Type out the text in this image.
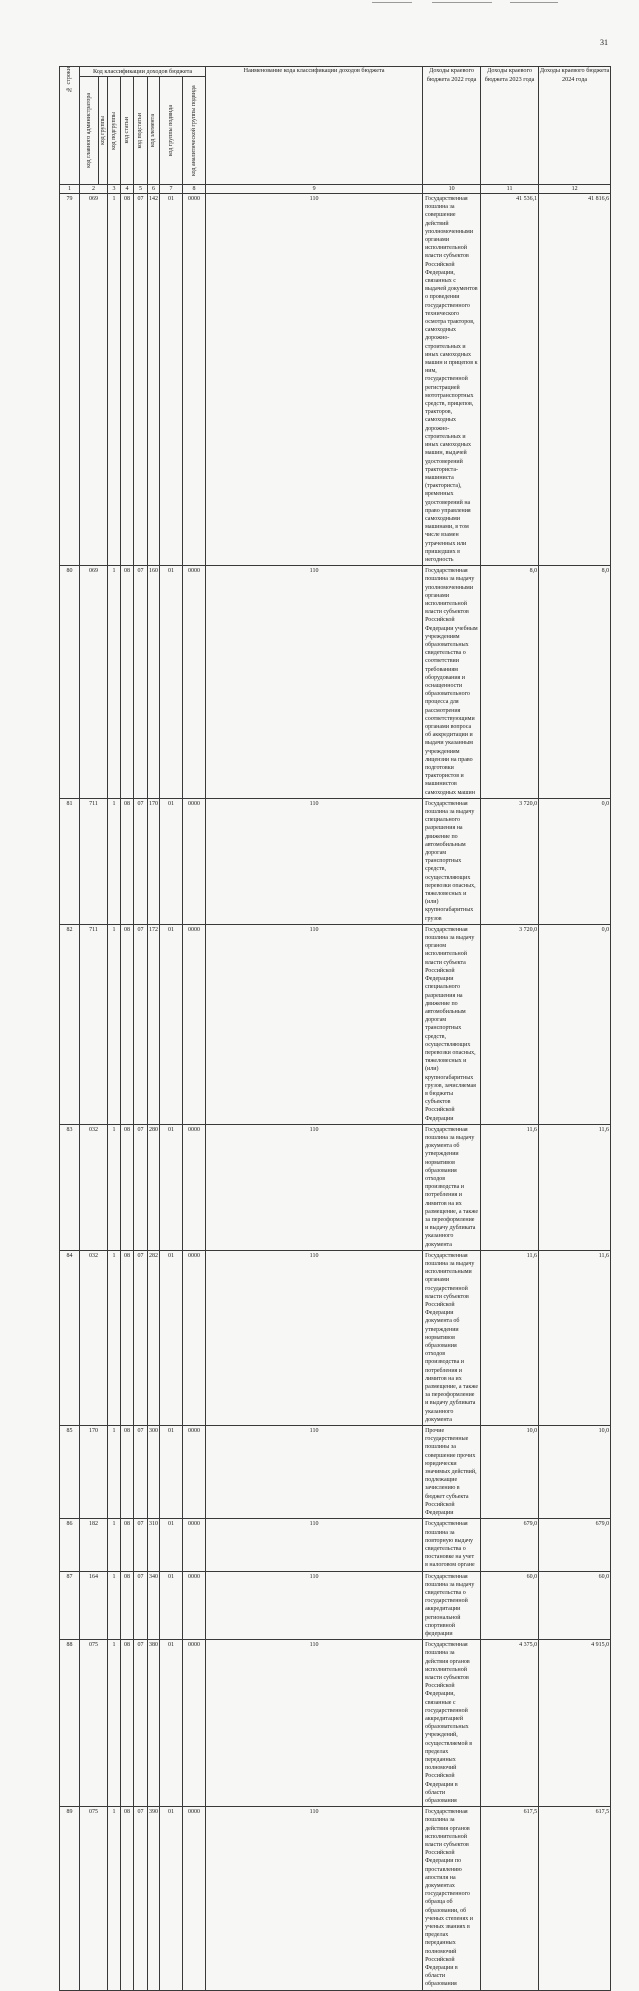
31
№ строки	Код классификации доходов бюджета								Наименование кода классификации доходов бюджета	Доходы краевого бюджета 2022 года	Доходы краевого бюджета 2023 года	Доходы краевого бюджета 2024 года	

	код главного администратора	код группы	код подгруппы	код статьи	код подстатьи	код элемента	код группы подвида	код аналитической группы подвида					

1	2		3	4	5	6	7	8	9	10	11	12	
79	069		1	08	07	142	01	0000	110	Государственная пошлина за совершение действий уполномоченными органами исполнительной власти субъектов Российской Федерации, связанных с выдачей документов о проведении государственного технического осмотра тракторов, самоходных дорожно-строительных и иных самоходных машин и прицепов к ним, государственной регистрацией мототранспортных средств, прицепов, тракторов, самоходных дорожно-строительных и иных самоходных машин, выдачей удостоверений тракториста-машиниста (тракториста), временных удостоверений на право управления самоходными машинами, в том числе взамен утраченных или пришедших в негодность	41 536,1	41 816,6	
80	069		1	08	07	160	01	0000	110	Государственная пошлина за выдачу уполномоченными органами исполнительной власти субъектов Российской Федерации учебным учреждениям образовательных свидетельства о соответствии требованиям оборудования и оснащенности образовательного процесса для рассмотрения соответствующими органами вопроса об аккредитации и выдачи указанным учреждениям лицензии на право подготовки трактористов и машинистов самоходных машин	8,0	8,0	
81	711		1	08	07	170	01	0000	110	Государственная пошлина за выдачу специального разрешения на движение по автомобильным дорогам транспортных средств, осуществляющих перевозки опасных, тяжеловесных и (или) крупногабаритных грузов	3 720,0	0,0	
82	711		1	08	07	172	01	0000	110	Государственная пошлина за выдачу органом исполнительной власти субъекта Российской Федерации специального разрешения на движение по автомобильным дорогам транспортных средств, осуществляющих перевозки опасных, тяжеловесных и (или) крупногабаритных грузов, зачисляемая в бюджеты субъектов Российской Федерации	3 720,0	0,0	
83	032		1	08	07	280	01	0000	110	Государственная пошлина за выдачу документа об утверждении нормативов образования отходов производства и потребления и лимитов на их размещение, а также за переоформление и выдачу дубликата указанного документа	11,6	11,6	
84	032		1	08	07	282	01	0000	110	Государственная пошлина за выдачу исполнительными органами государственной власти субъектов Российской Федерации документа об утверждении нормативов образования отходов производства и потребления и лимитов на их размещение, а также за переоформление и выдачу дубликата указанного документа	11,6	11,6	
85	170		1	08	07	300	01	0000	110	Прочие государственные пошлины за совершение прочих юридически значимых действий, подлежащие зачислению в бюджет субъекта Российской Федерации	10,0	10,0	
86	182		1	08	07	310	01	0000	110	Государственная пошлина за повторную выдачу свидетельства о постановке на учет в налоговом органе	679,0	679,0	
87	164		1	08	07	340	01	0000	110	Государственная пошлина за выдачу свидетельства о государственной аккредитации региональной спортивной федерации	60,0	60,0	
88	075		1	08	07	380	01	0000	110	Государственная пошлина за действия органов исполнительной власти субъектов Российской Федерации, связанные с государственной аккредитацией образовательных учреждений, осуществляемой в пределах переданных полномочий Российской Федерации в области образования	4 375,0	4 915,0	
89	075		1	08	07	390	01	0000	110	Государственная пошлина за действия органов исполнительной власти субъектов Российской Федерации по проставлению апостиля на документах государственного образца об образовании, об ученых степенях и ученых званиях в пределах переданных полномочий Российской Федерации в области образования	617,5	617,5	
